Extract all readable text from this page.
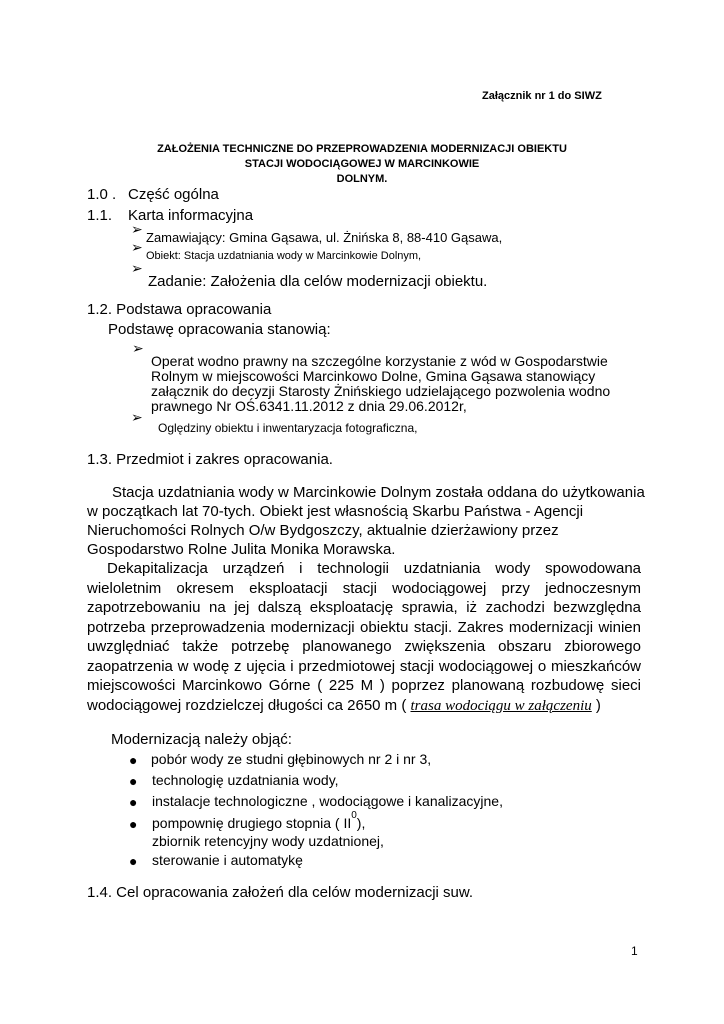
Załącznik nr 1 do SIWZ
ZAŁOŻENIA TECHNICZNE DO PRZEPROWADZENIA MODERNIZACJI OBIEKTU
STACJI WODOCIĄGOWEJ W MARCINKOWIE
DOLNYM.
1.0 . Część ogólna
1.1. Karta informacyjna
➢ Zamawiający: Gmina Gąsawa, ul. Żnińska 8, 88-410 Gąsawa,
➢ Obiekt: Stacja uzdatniania wody w Marcinkowie Dolnym,
➢
Zadanie: Założenia dla celów modernizacji obiektu.
1.2. Podstawa opracowania
Podstawę opracowania stanowią:
➢
Operat wodno prawny na szczególne korzystanie z wód w Gospodarstwie
Rolnym w miejscowości Marcinkowo Dolne, Gmina Gąsawa stanowiący
załącznik do decyzji Starosty Żnińskiego udzielającego pozwolenia wodno
prawnego Nr OŚ.6341.11.2012 z dnia 29.06.2012r,
➢
Oględziny obiektu i inwentaryzacja fotograficzna,
1.3. Przedmiot i zakres opracowania.
Stacja uzdatniania wody w Marcinkowie Dolnym została oddana do użytkowania
w początkach lat 70-tych. Obiekt jest własnością Skarbu Państwa - Agencji
Nieruchomości Rolnych O/w Bydgoszczy, aktualnie dzierżawiony przez
Gospodarstwo Rolne Julita Monika Morawska.
Dekapitalizacja urządzeń i technologii uzdatniania wody spowodowana
wieloletnim okresem eksploatacji stacji wodociągowej przy jednoczesnym
zapotrzebowaniu na jej dalszą eksploatację sprawia, iż zachodzi bezwzględna
potrzeba przeprowadzenia modernizacji obiektu stacji. Zakres modernizacji winien
uwzględniać także potrzebę planowanego zwiększenia obszaru zbiorowego
zaopatrzenia w wodę z ujęcia i przedmiotowej stacji wodociągowej o mieszkańców
miejscowości Marcinkowo Górne ( 225 M ) poprzez planowaną rozbudowę sieci
wodociągowej rozdzielczej długości ca 2650 m ( trasa wodociągu w załączeniu )
Modernizacją należy objąć:
● pobór wody ze studni głębinowych nr 2 i nr 3,
● technologię uzdatniania wody,
● instalacje technologiczne , wodociągowe i kanalizacyjne,
● pompownię drugiego stopnia ( $II^0$),
zbiornik retencyjny wody uzdatnionej,
● sterowanie i automatykę
1.4. Cel opracowania założeń dla celów modernizacji suw.
1
